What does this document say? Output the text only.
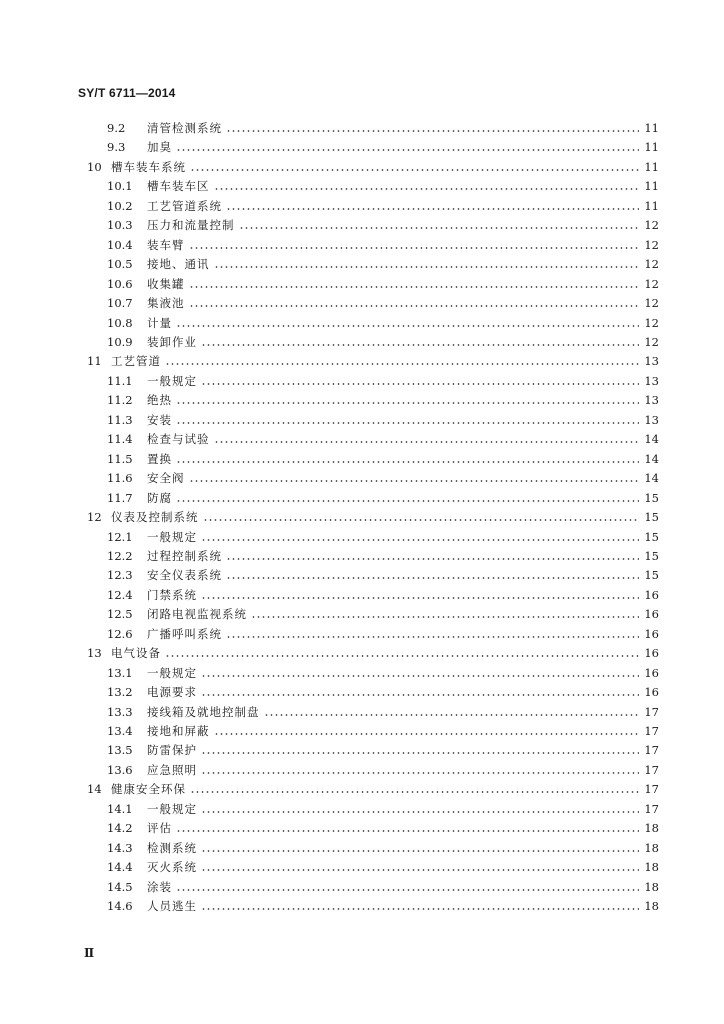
SY/T 6711—2014
9.2	清管检测系统	11
9.3	加臭	11
10 槽车装车系统	11
10.1	槽车装车区	11
10.2	工艺管道系统	11
10.3	压力和流量控制	12
10.4	装车臂	12
10.5	接地、通讯	12
10.6	收集罐	12
10.7	集液池	12
10.8	计量	12
10.9	装卸作业	12
11 工艺管道	13
11.1	一般规定	13
11.2	绝热	13
11.3	安装	13
11.4	检查与试验	14
11.5	置换	14
11.6	安全阀	14
11.7	防腐	15
12 仪表及控制系统	15
12.1	一般规定	15
12.2	过程控制系统	15
12.3	安全仪表系统	15
12.4	门禁系统	16
12.5	闭路电视监视系统	16
12.6	广播呼叫系统	16
13 电气设备	16
13.1	一般规定	16
13.2	电源要求	16
13.3	接线箱及就地控制盘	17
13.4	接地和屏蔽	17
13.5	防雷保护	17
13.6	应急照明	17
14 健康安全环保	17
14.1	一般规定	17
14.2	评估	18
14.3	检测系统	18
14.4	灭火系统	18
14.5	涂装	18
14.6	人员逃生	18
Ⅱ
